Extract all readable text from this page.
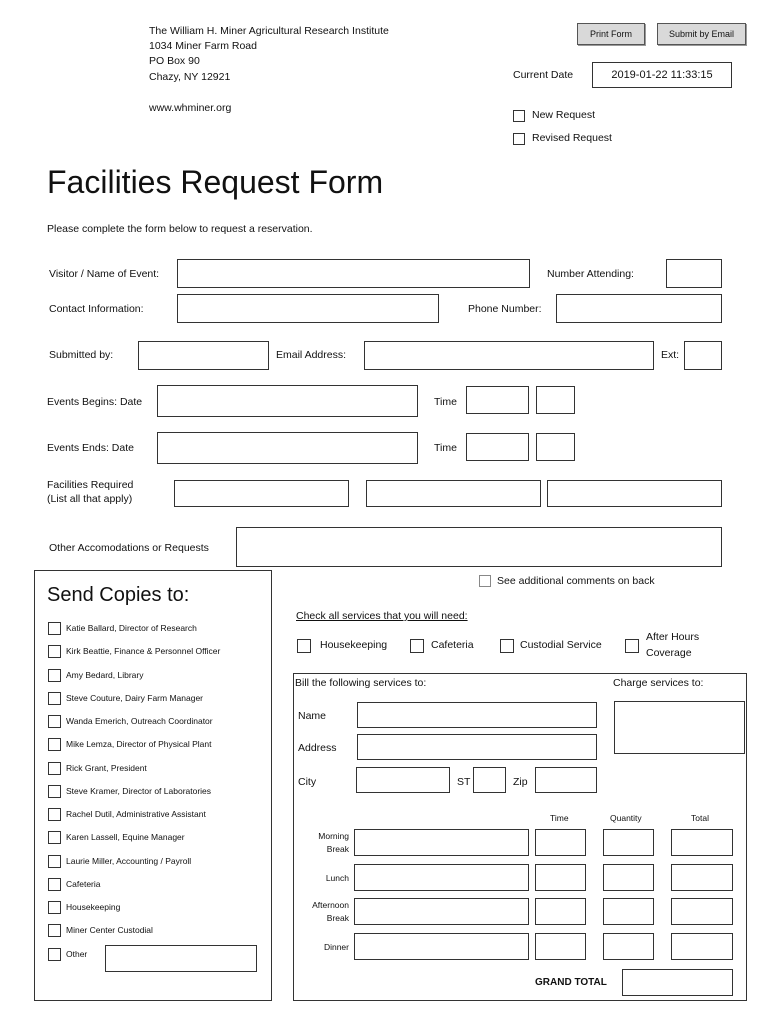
The William H. Miner Agricultural Research Institute
1034 Miner Farm Road
PO Box 90
Chazy, NY 12921
www.whminer.org
Print Form	Submit by Email
Current Date	2019-01-22 11:33:15
New Request
Revised Request
Facilities Request Form
Please complete the form below to request a reservation.
Visitor / Name of Event:	Number Attending:
Contact Information:	Phone Number:
Submitted by:	Email Address:	Ext:
Events Begins: Date	Time
Events Ends: Date	Time
Facilities Required
(List all that apply)
Other Accomodations or Requests
See additional comments on back
Send Copies to:
Katie Ballard, Director of Research
Kirk Beattie, Finance & Personnel Officer
Amy Bedard, Library
Steve Couture, Dairy Farm Manager
Wanda Emerich, Outreach Coordinator
Mike Lemza, Director of Physical Plant
Rick Grant, President
Steve Kramer, Director of Laboratories
Rachel Dutil, Administrative Assistant
Karen Lassell, Equine Manager
Laurie Miller, Accounting / Payroll
Cafeteria
Housekeeping
Miner Center Custodial
Other
Check all services that you will need:
Housekeeping	Cafeteria	Custodial Service
After Hours
Coverage
Bill the following services to:	Charge services to:
Name
Address
City	ST	Zip
Time	Quantity	Total
Morning
Break
Lunch
Afternoon
Break
Dinner
GRAND TOTAL
